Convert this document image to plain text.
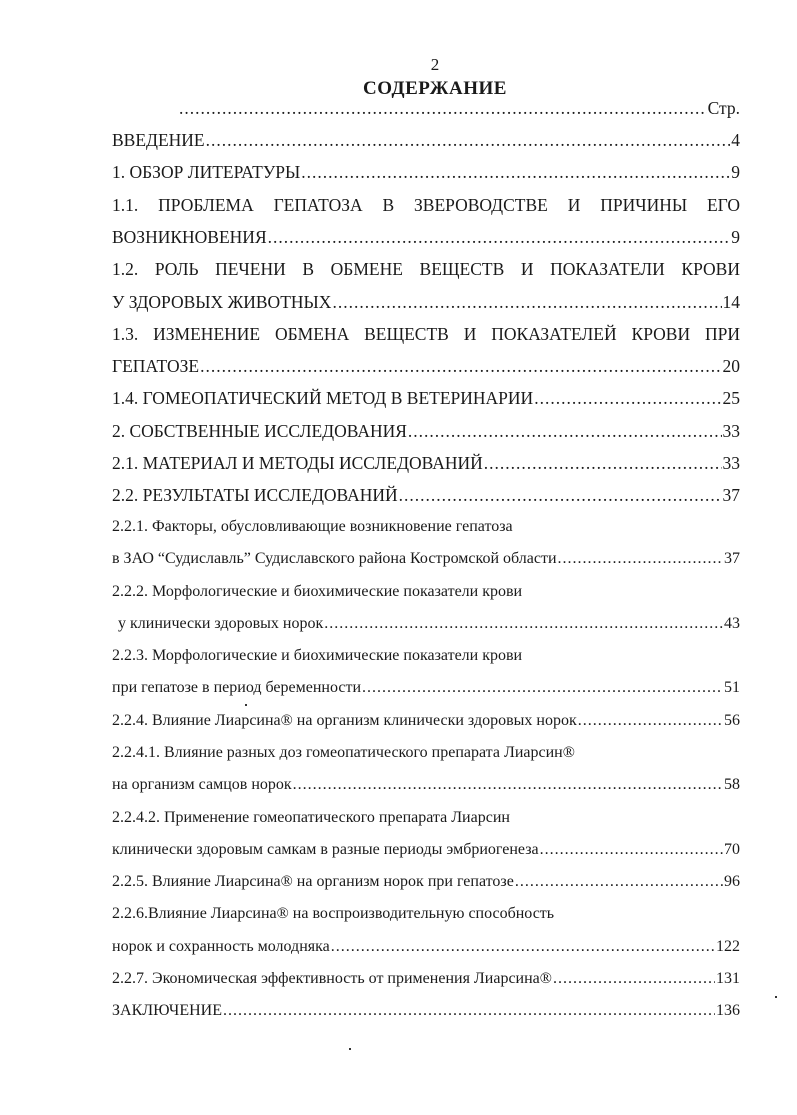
2
СОДЕРЖАНИЕ
.....
Стр.
ВВЕДЕНИЕ .....	4
1. ОБЗОР ЛИТЕРАТУРЫ .....	9
1.1. ПРОБЛЕМА ГЕПАТОЗА В ЗВЕРОВОДСТВЕ И ПРИЧИНЫ ЕГО
ВОЗНИКНОВЕНИЯ .....	9
1.2. РОЛЬ ПЕЧЕНИ В ОБМЕНЕ ВЕЩЕСТВ И ПОКАЗАТЕЛИ КРОВИ
У ЗДОРОВЫХ ЖИВОТНЫХ .....	14
1.3. ИЗМЕНЕНИЕ ОБМЕНА ВЕЩЕСТВ И ПОКАЗАТЕЛЕЙ КРОВИ ПРИ
ГЕПАТОЗЕ .....	20
1.4. ГОМЕОПАТИЧЕСКИЙ МЕТОД В ВЕТЕРИНАРИИ .....	25
2. СОБСТВЕННЫЕ ИССЛЕДОВАНИЯ .....	33
2.1. МАТЕРИАЛ И МЕТОДЫ ИССЛЕДОВАНИЙ .....	33
2.2. РЕЗУЛЬТАТЫ ИССЛЕДОВАНИЙ .....	37
2.2.1. Факторы, обусловливающие возникновение гепатоза
в ЗАО “Судиславль” Судиславского района Костромской области .....	37
2.2.2. Морфологические и биохимические показатели крови
у клинически здоровых норок .....	43
2.2.3. Морфологические и биохимические показатели крови
при гепатозе в период беременности .....	51
2.2.4. Влияние Лиарсина® на организм клинически здоровых норок .....	56
2.2.4.1. Влияние разных доз гомеопатического препарата Лиарсин®
на организм самцов норок .....	58
2.2.4.2. Применение гомеопатического препарата Лиарсин
клинически здоровым самкам в разные периоды эмбриогенеза .....	70
2.2.5. Влияние Лиарсина® на организм норок при гепатозе .....	96
2.2.6.Влияние Лиарсина® на воспроизводительную способность
норок и сохранность молодняка .....	122
2.2.7. Экономическая эффективность от применения Лиарсина® .....	131
ЗАКЛЮЧЕНИЕ .....	136
